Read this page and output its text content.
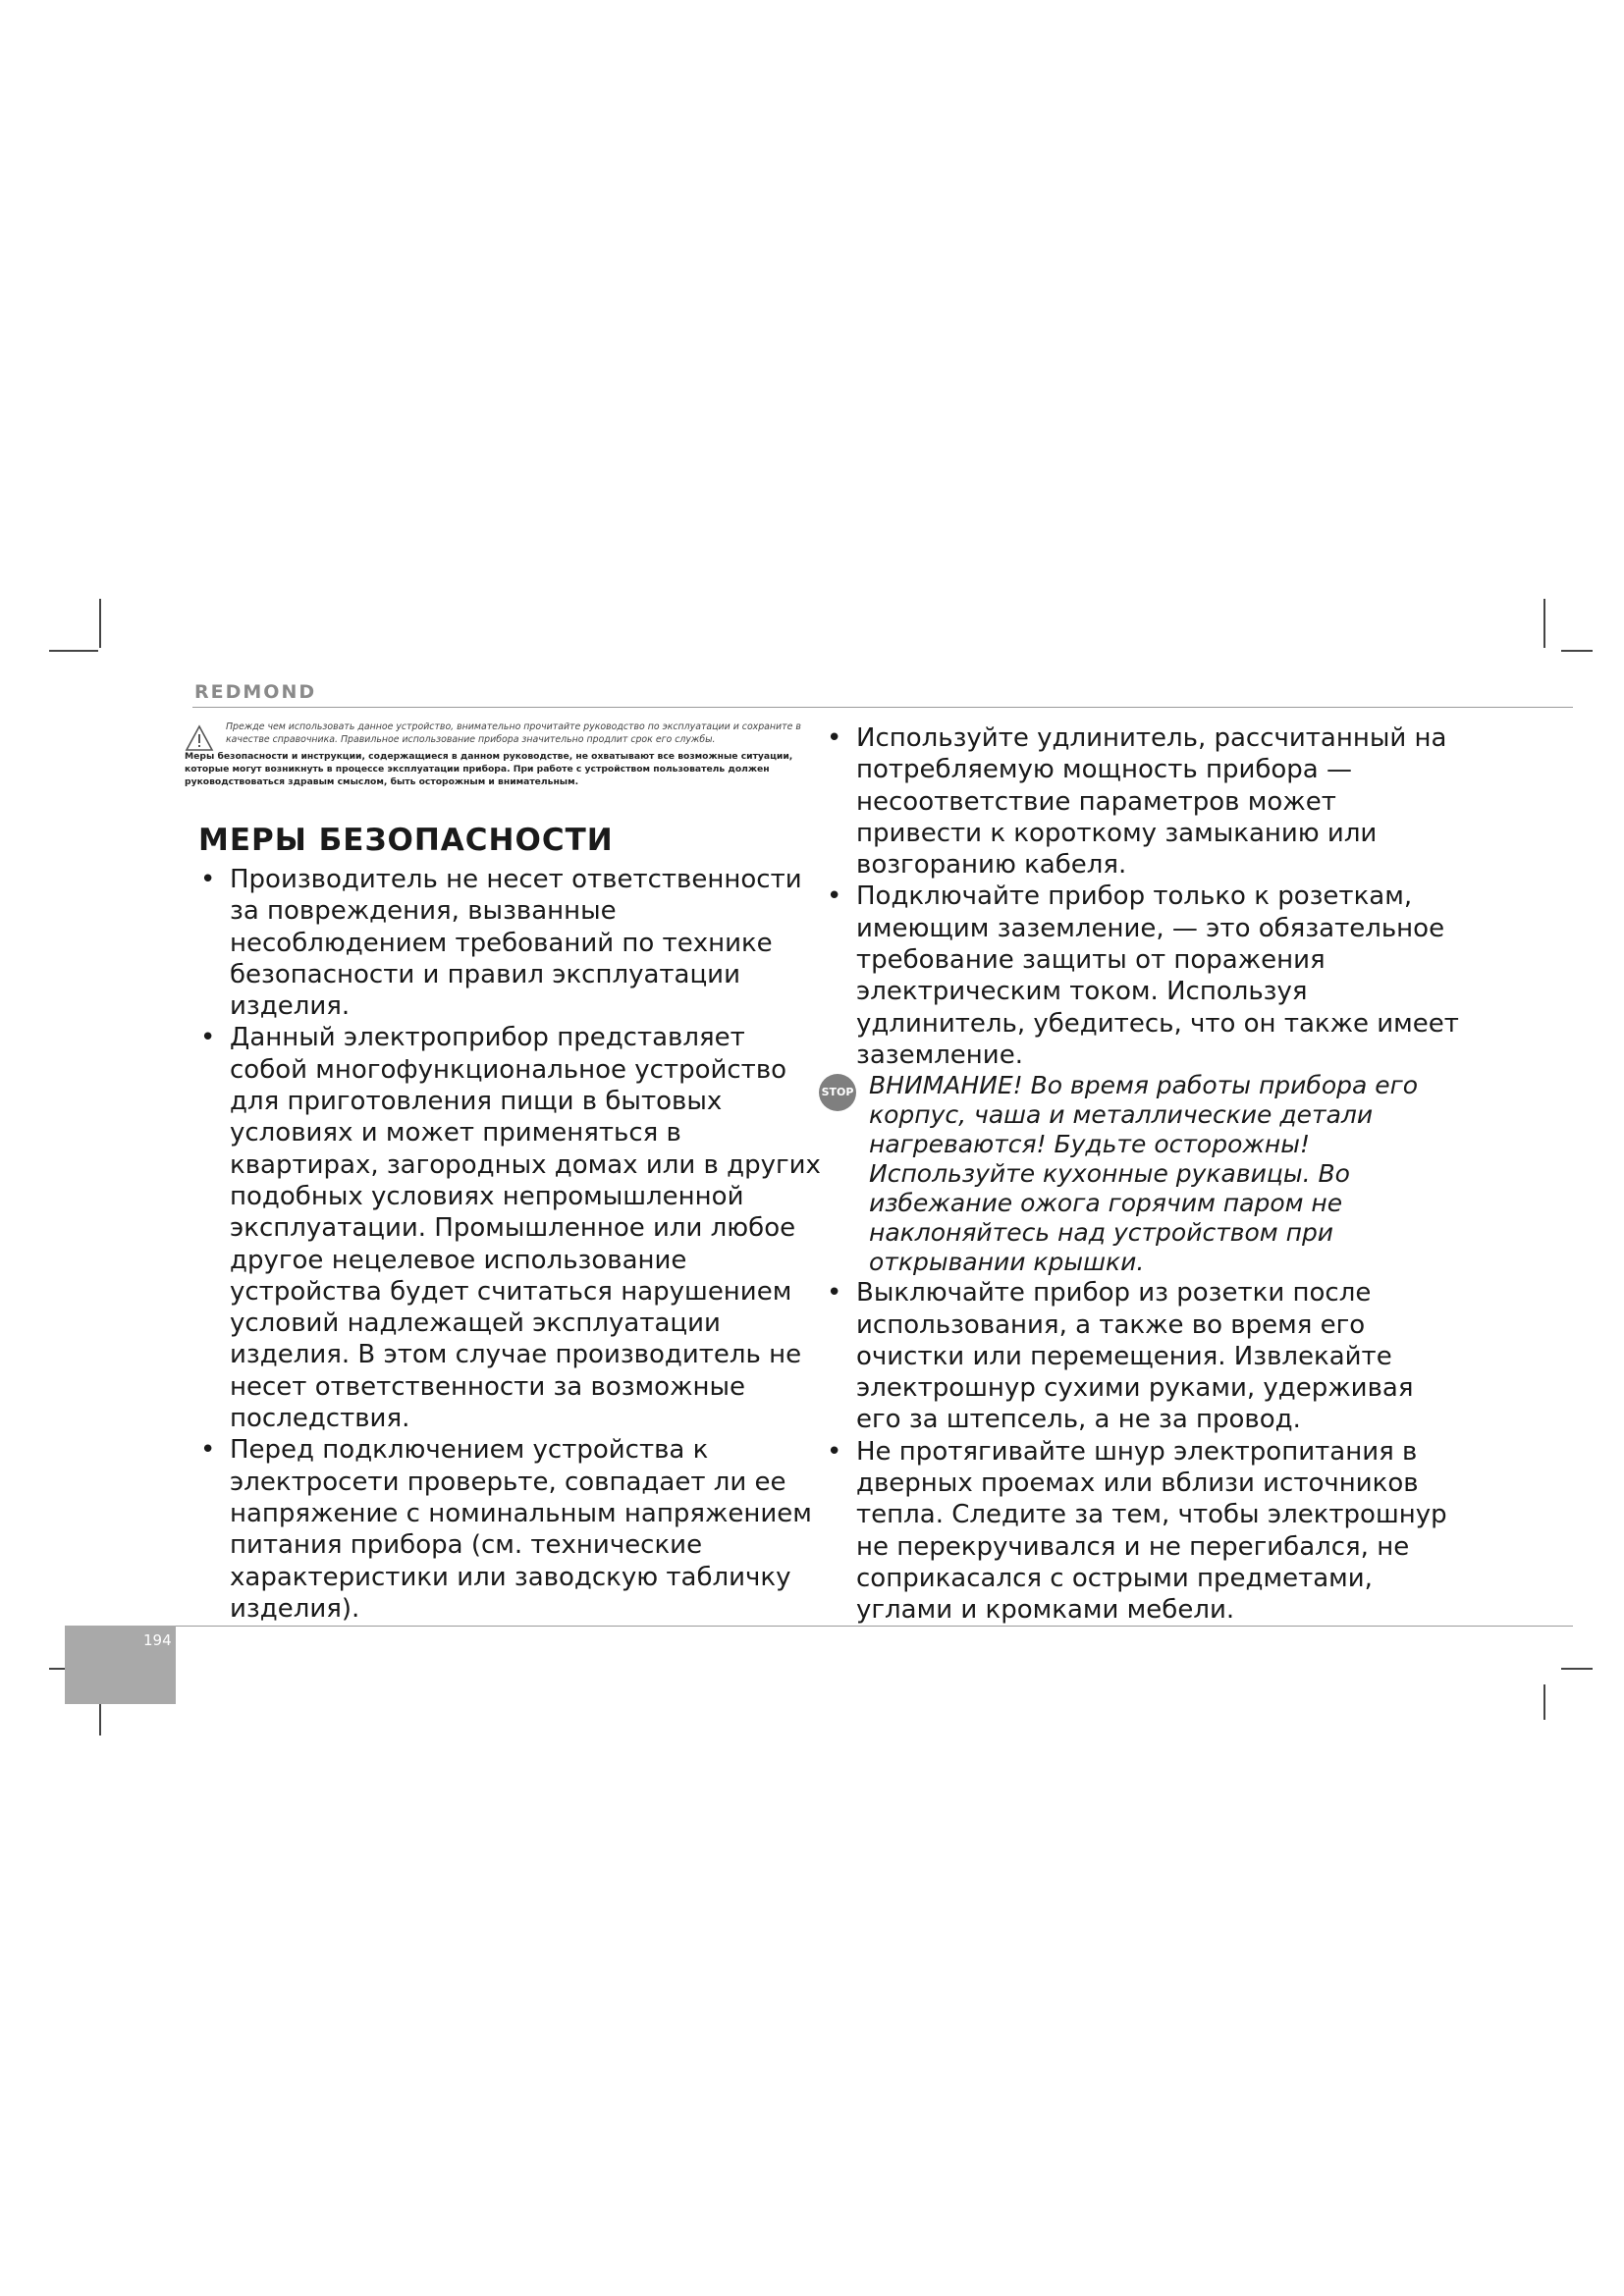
REDMOND
Прежде чем использовать данное устройство, внимательно прочитайте руководство по эксплуатации и сохраните в качестве справочника. Правильное использование прибора значительно продлит срок его службы.
Меры безопасности и инструкции, содержащиеся в данном руководстве, не охватывают все возможные ситуации, которые могут возникнуть в процессе эксплуатации прибора. При работе с устройством пользователь должен руководствоваться здравым смыслом, быть осторожным и внимательным.
МЕРЫ БЕЗОПАСНОСТИ
• Производитель не несет ответственности за повреждения, вызванные несоблюдением требований по технике безопасности и правил эксплуатации изделия.
• Данный электроприбор представляет собой многофункциональное устройство для приготовления пищи в бытовых условиях и может применяться в квартирах, загородных домах или в других подобных условиях непромышленной эксплуатации. Промышленное или любое другое нецелевое использование устройства будет считаться нарушением условий надлежащей эксплуатации изделия. В этом случае производитель не несет ответственности за возможные последствия.
• Перед подключением устройства к электросети проверьте, совпадает ли ее напряжение с номинальным напряжением питания прибора (см. технические характеристики или заводскую табличку изделия).
• Используйте удлинитель, рассчитанный на потребляемую мощность прибора — несоответствие параметров может привести к короткому замыканию или возгоранию кабеля.
• Подключайте прибор только к розеткам, имеющим заземление, — это обязательное требование защиты от поражения электрическим током. Используя удлинитель, убедитесь, что он также имеет заземление.
STOP ВНИМАНИЕ! Во время работы прибора его корпус, чаша и металлические детали нагреваются! Будьте осторожны! Используйте кухонные рукавицы. Во избежание ожога горячим паром не наклоняйтесь над устройством при открывании крышки.
• Выключайте прибор из розетки после использования, а также во время его очистки или перемещения. Извлекайте электрошнур сухими руками, удерживая его за штепсель, а не за провод.
• Не протягивайте шнур электропитания в дверных проемах или вблизи источников тепла. Следите за тем, чтобы электрошнур не перекручивался и не перегибался, не соприкасался с острыми предметами, углами и кромками мебели.
194
